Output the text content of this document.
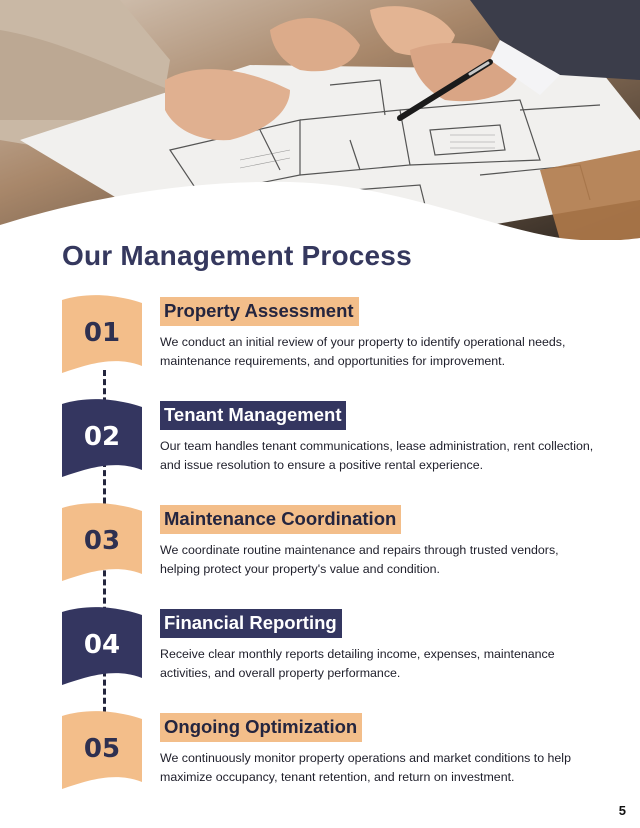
Our Management Process
01
Property Assessment

We conduct an initial review of your property to identify operational needs, maintenance requirements, and opportunities for improvement.

02
Tenant Management

Our team handles tenant communications, lease administration, rent collection, and issue resolution to ensure a positive rental experience.

03
Maintenance Coordination

We coordinate routine maintenance and repairs through trusted vendors, helping protect your property's value and condition.

04
Financial Reporting

Receive clear monthly reports detailing income, expenses, maintenance activities, and overall property performance.

05
Ongoing Optimization

We continuously monitor property operations and market conditions to help maximize occupancy, tenant retention, and return on investment.

5
